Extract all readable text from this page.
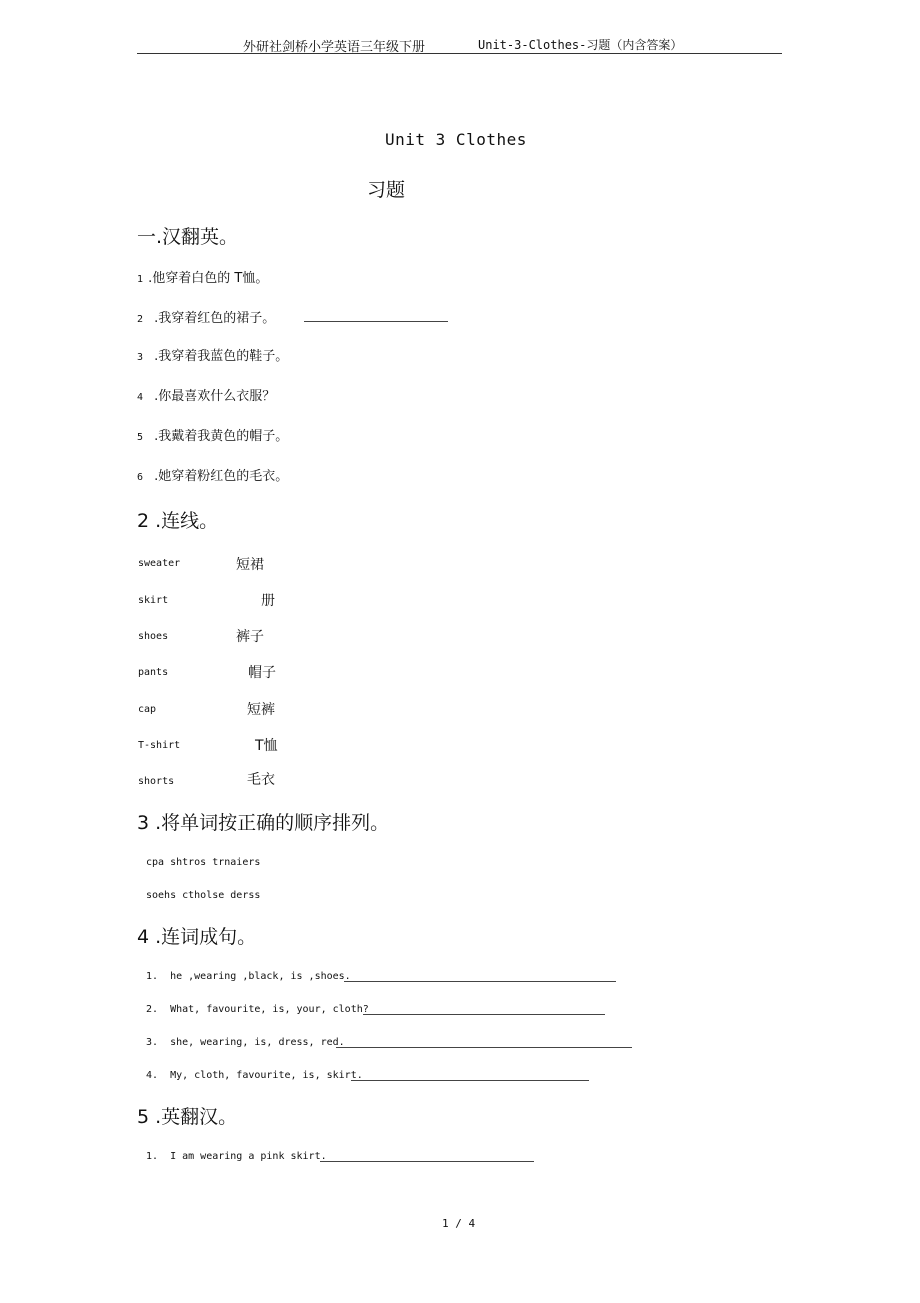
外研社剑桥小学英语三年级下册	Unit-3-Clothes-习题（内含答案）
Unit 3 Clothes
习题
一.汉翻英。
1 .他穿着白色的 T恤。
2 .我穿着红色的裙子。
3 .我穿着我蓝色的鞋子。
4 .你最喜欢什么衣服？
5 .我戴着我黄色的帽子。
6 .她穿着粉红色的毛衣。
2 .连线。
sweater	短裙
skirt	册
shoes	裤子
pants	帽子
cap	短裤
T-shirt	T恤
shorts	毛衣
3 .将单词按正确的顺序排列。
cpa shtros trnaiers
soehs ctholse derss
4 .连词成句。
1. he ,wearing ,black, is ,shoes.
2. What, favourite, is, your, cloth?
3. she, wearing, is, dress, red.
4. My, cloth, favourite, is, skirt.
5 .英翻汉。
1. I am wearing a pink skirt.
1 / 4
